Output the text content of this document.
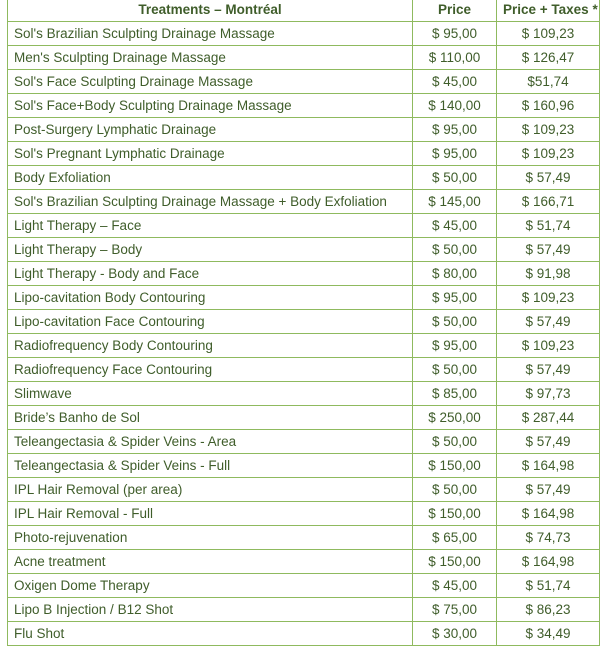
Treatments – Montréal	Price	Price + Taxes *
Sol's Brazilian Sculpting Drainage Massage	$ 95,00	$ 109,23
Men's Sculpting Drainage Massage	$ 110,00	$ 126,47
Sol's Face Sculpting Drainage Massage	$ 45,00	$51,74
Sol's Face+Body Sculpting Drainage Massage	$ 140,00	$ 160,96
Post-Surgery Lymphatic Drainage	$ 95,00	$ 109,23
Sol's Pregnant Lymphatic Drainage	$ 95,00	$ 109,23
Body Exfoliation	$ 50,00	$ 57,49
Sol's Brazilian Sculpting Drainage Massage + Body Exfoliation	$ 145,00	$ 166,71
Light Therapy – Face	$ 45,00	$ 51,74
Light Therapy – Body	$ 50,00	$ 57,49
Light Therapy - Body and Face	$ 80,00	$ 91,98
Lipo-cavitation Body Contouring	$ 95,00	$ 109,23
Lipo-cavitation Face Contouring	$ 50,00	$ 57,49
Radiofrequency Body Contouring	$ 95,00	$ 109,23
Radiofrequency Face Contouring	$ 50,00	$ 57,49
Slimwave	$ 85,00	$ 97,73
Bride’s Banho de Sol	$ 250,00	$ 287,44
Teleangectasia & Spider Veins - Area	$ 50,00	$ 57,49
Teleangectasia & Spider Veins - Full	$ 150,00	$ 164,98
IPL Hair Removal (per area)	$ 50,00	$ 57,49
IPL Hair Removal - Full	$ 150,00	$ 164,98
Photo-rejuvenation	$ 65,00	$ 74,73
Acne treatment	$ 150,00	$ 164,98
Oxigen Dome Therapy	$ 45,00	$ 51,74
Lipo B Injection / B12 Shot	$ 75,00	$ 86,23
Flu Shot	$ 30,00	$ 34,49
